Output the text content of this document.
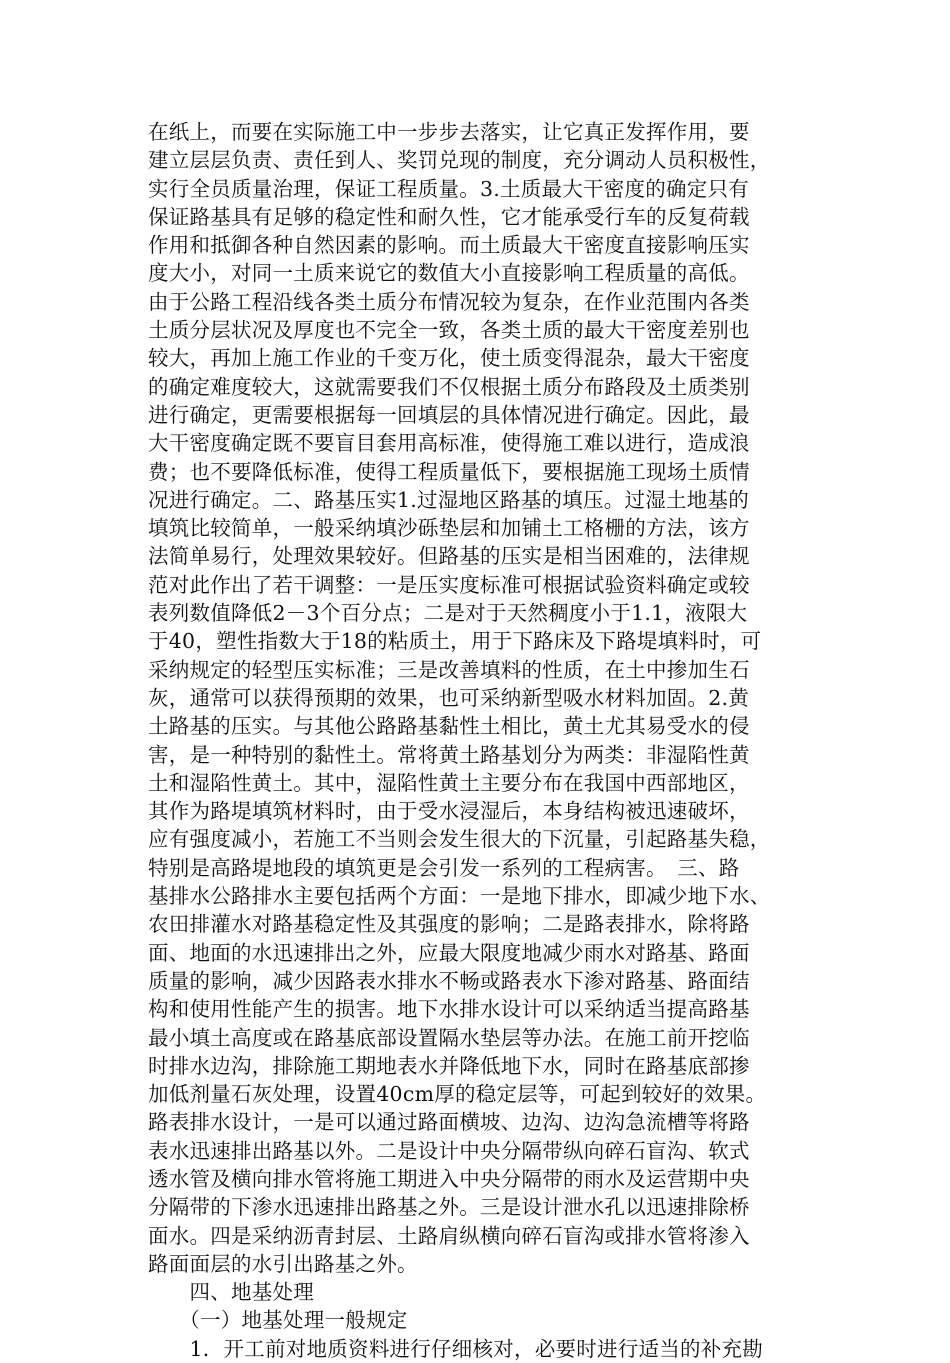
在纸上，而要在实际施工中一步步去落实，让它真正发挥作用，要
建立层层负责、责任到人、奖罚兑现的制度，充分调动人员积极性，
实行全员质量治理，保证工程质量。3.土质最大干密度的确定只有
保证路基具有足够的稳定性和耐久性，它才能承受行车的反复荷载
作用和抵御各种自然因素的影响。而土质最大干密度直接影响压实
度大小，对同一土质来说它的数值大小直接影响工程质量的高低。
由于公路工程沿线各类土质分布情况较为复杂，在作业范围内各类
土质分层状况及厚度也不完全一致，各类土质的最大干密度差别也
较大，再加上施工作业的千变万化，使土质变得混杂，最大干密度
的确定难度较大，这就需要我们不仅根据土质分布路段及土质类别
进行确定，更需要根据每一回填层的具体情况进行确定。因此，最
大干密度确定既不要盲目套用高标准，使得施工难以进行，造成浪
费；也不要降低标准，使得工程质量低下，要根据施工现场土质情
况进行确定。二、路基压实1.过湿地区路基的填压。过湿土地基的
填筑比较简单，一般采纳填沙砾垫层和加铺土工格栅的方法，该方
法简单易行，处理效果较好。但路基的压实是相当困难的，法律规
范对此作出了若干调整：一是压实度标准可根据试验资料确定或较
表列数值降低2－3个百分点；二是对于天然稠度小于1.1，液限大
于40，塑性指数大于18的粘质土，用于下路床及下路堤填料时，可
采纳规定的轻型压实标准；三是改善填料的性质，在土中掺加生石
灰，通常可以获得预期的效果，也可采纳新型吸水材料加固。2.黄
土路基的压实。与其他公路路基黏性土相比，黄土尤其易受水的侵
害，是一种特别的黏性土。常将黄土路基划分为两类：非湿陷性黄
土和湿陷性黄土。其中，湿陷性黄土主要分布在我国中西部地区，
其作为路堤填筑材料时，由于受水浸湿后，本身结构被迅速破坏，
应有强度减小，若施工不当则会发生很大的下沉量，引起路基失稳，
特别是高路堤地段的填筑更是会引发一系列的工程病害。　三、路
基排水公路排水主要包括两个方面：一是地下排水，即减少地下水、
农田排灌水对路基稳定性及其强度的影响；二是路表排水，除将路
面、地面的水迅速排出之外，应最大限度地减少雨水对路基、路面
质量的影响，减少因路表水排水不畅或路表水下渗对路基、路面结
构和使用性能产生的损害。地下水排水设计可以采纳适当提高路基
最小填土高度或在路基底部设置隔水垫层等办法。在施工前开挖临
时排水边沟，排除施工期地表水并降低地下水，同时在路基底部掺
加低剂量石灰处理，设置40cm厚的稳定层等，可起到较好的效果。
路表排水设计，一是可以通过路面横坡、边沟、边沟急流槽等将路
表水迅速排出路基以外。二是设计中央分隔带纵向碎石盲沟、软式
透水管及横向排水管将施工期进入中央分隔带的雨水及运营期中央
分隔带的下渗水迅速排出路基之外。三是设计泄水孔以迅速排除桥
面水。四是采纳沥青封层、土路肩纵横向碎石盲沟或排水管将渗入
路面面层的水引出路基之外。
　　四、地基处理
　　（一）地基处理一般规定
　　1．开工前对地质资料进行仔细核对，必要时进行适当的补充勘
